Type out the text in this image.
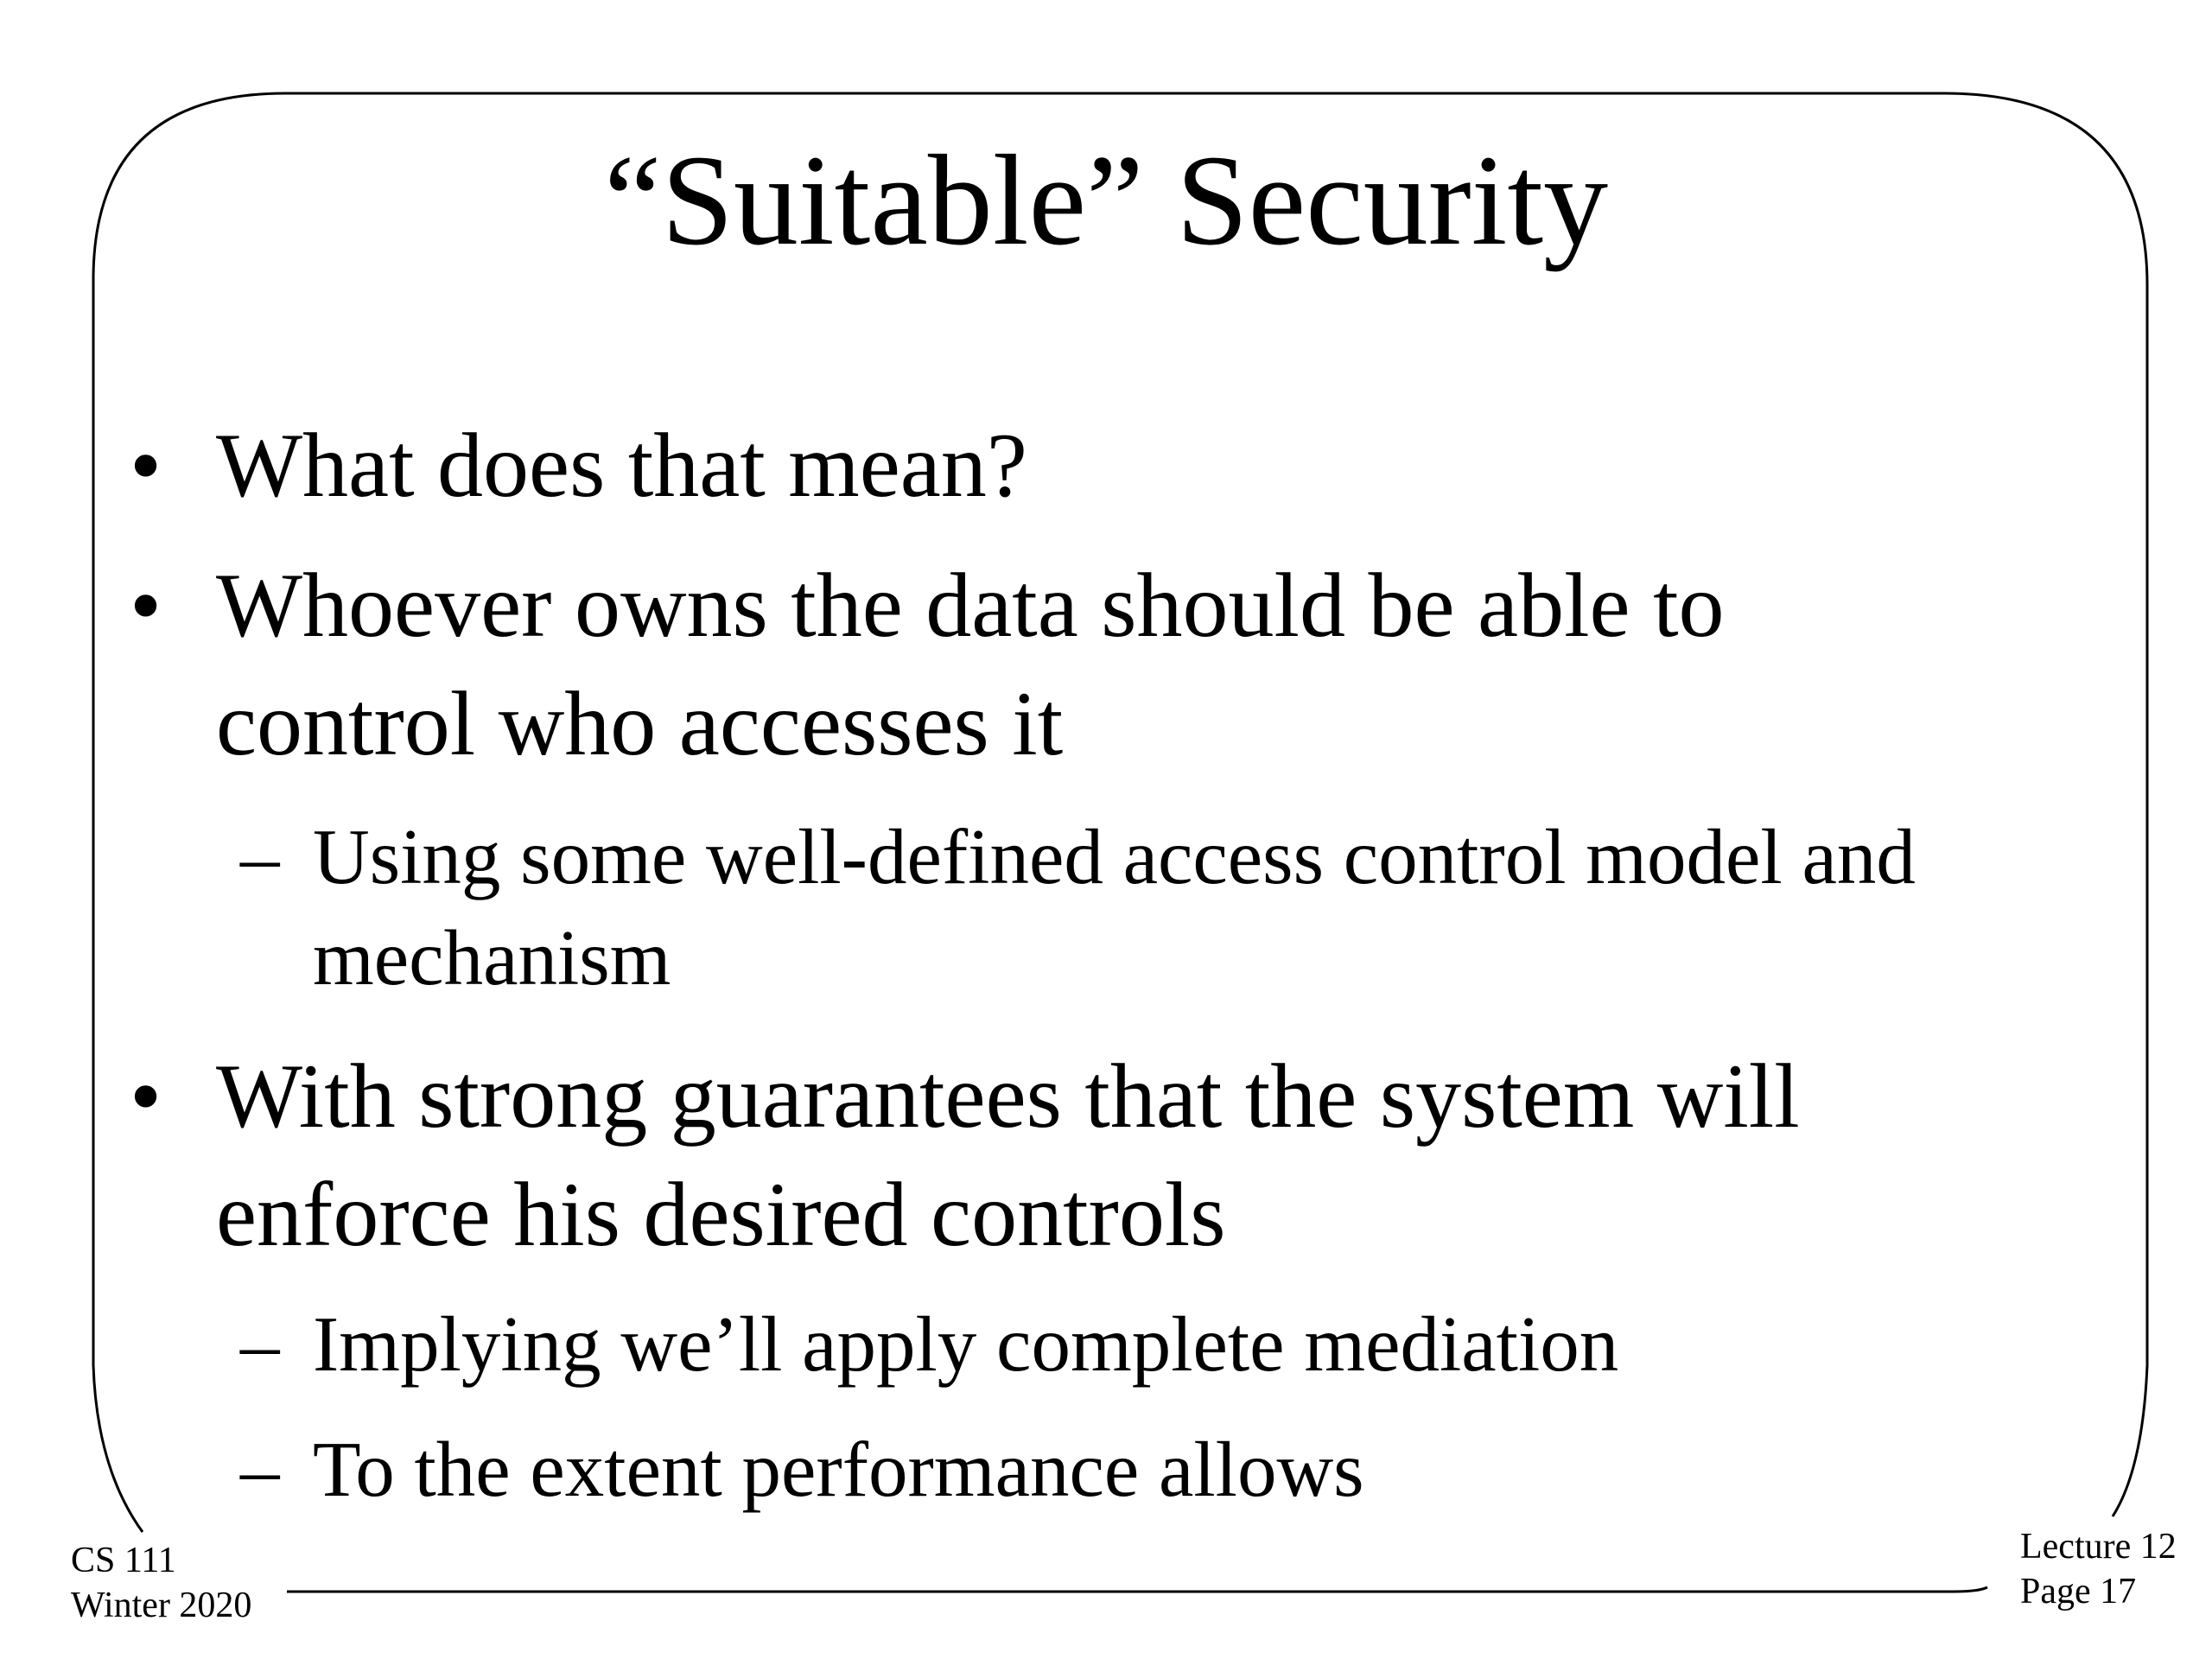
“Suitable” Security
• What does that mean?
• Whoever owns the data should be able to
control who accesses it
– Using some well-defined access control model and
mechanism
• With strong guarantees that the system will
enforce his desired controls
– Implying we’ll apply complete mediation
– To the extent performance allows
CS 111
Winter 2020
Lecture 12
Page 17
